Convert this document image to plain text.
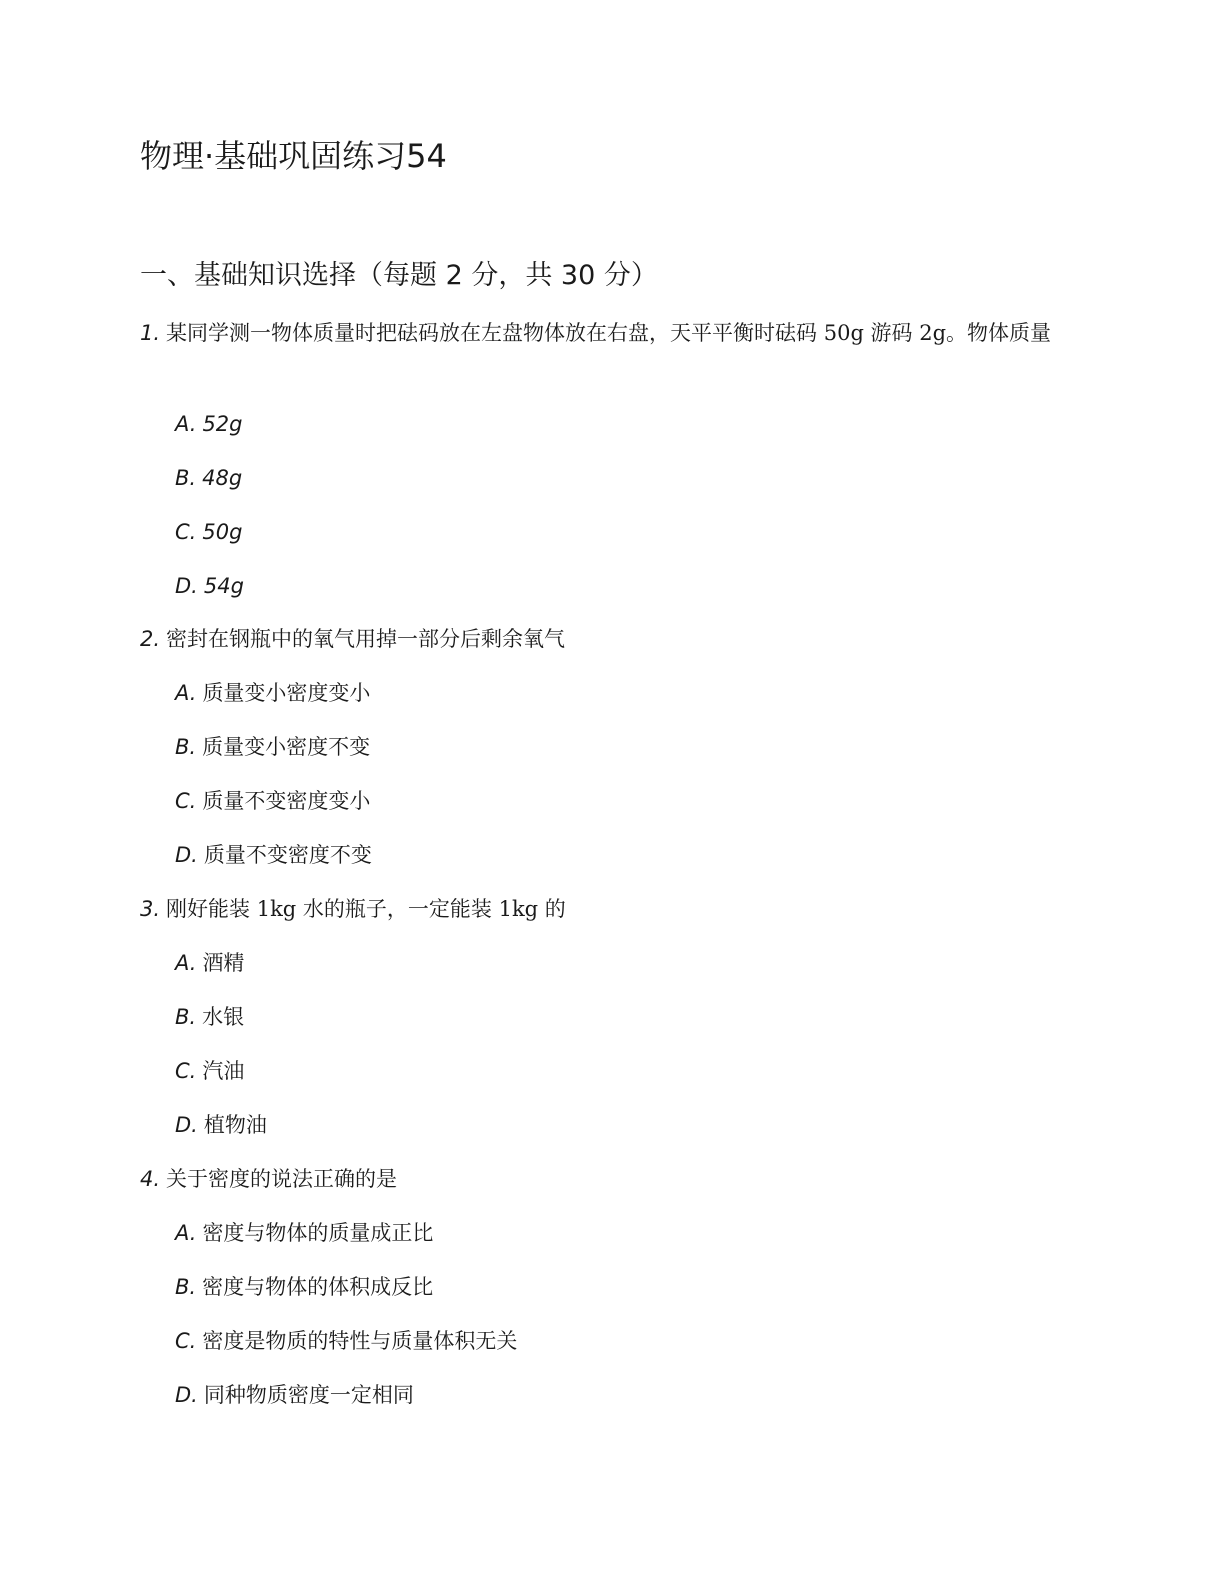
物理·基础巩固练习54
一、基础知识选择（每题 2 分，共 30 分）

1. 某同学测一物体质量时把砝码放在左盘物体放在右盘，天平平衡时砝码 50g 游码 2g。物体质量

A. 52g

B. 48g

C. 50g

D. 54g

2. 密封在钢瓶中的氧气用掉一部分后剩余氧气

A. 质量变小密度变小

B. 质量变小密度不变

C. 质量不变密度变小

D. 质量不变密度不变

3. 刚好能装 1kg 水的瓶子，一定能装 1kg 的

A. 酒精

B. 水银

C. 汽油

D. 植物油

4. 关于密度的说法正确的是

A. 密度与物体的质量成正比

B. 密度与物体的体积成反比

C. 密度是物质的特性与质量体积无关

D. 同种物质密度一定相同
